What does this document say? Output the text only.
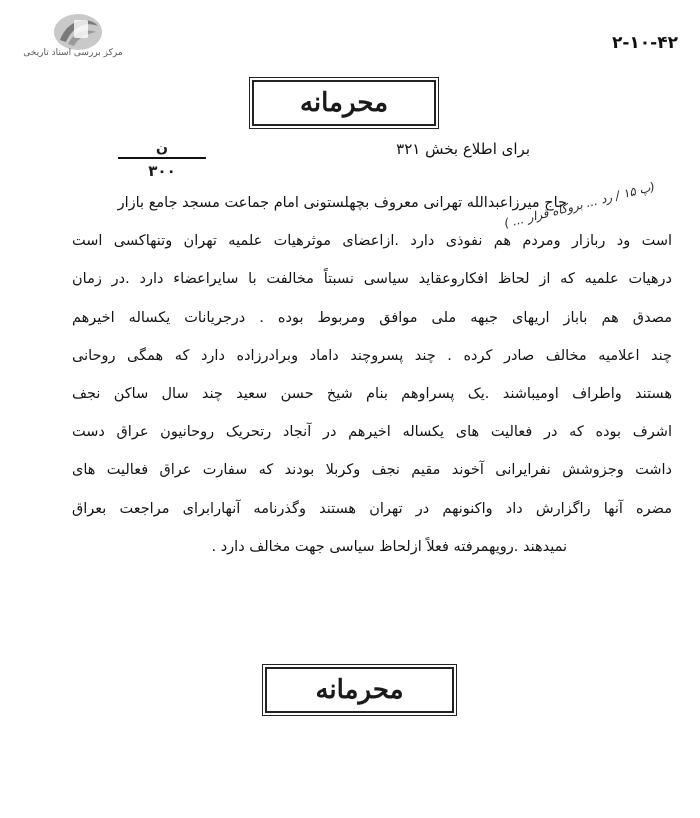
مرکز بررسی اسناد تاریخی	۲-۱۰-۴۲
محرمانه
برای اطلاع بخش ۳۲۱
ن
۳۰۰
(پ ۱۵ / رد ... بروکاه قرار ... )
حاج میرزاعبدالله تهرانی معروف بچهلستونی امام جماعت مسجد جامع بازار
است ود ربازار ومردم هم نفوذی دارد .ازاعضای موثرهیات علمیه تهران وتنهاکسی است
درهیات علمیه که از لحاظ افکاروعقاید سیاسی نسبتاً مخالفت با سایراعضاء دارد .در زمان
مصدق هم باباز اریهای جبهه ملی موافق ومربوط بوده . درجریانات یکساله اخیرهم
چند اعلامیه مخالف صادر کرده . چند پسروچند داماد وبرادرزاده دارد که همگی روحانی
هستند واطراف اومیباشند .یک پسراوهم بنام شیخ حسن سعید چند سال ساکن نجف
اشرف بوده که در فعالیت های یکساله اخیرهم در آنجاد رتحریک روحانیون عراق دست
داشت وجزوشش نفرایرانی آخوند مقیم نجف وکربلا بودند که سفارت عراق فعالیت های
مضره آنها راگزارش داد واکنونهم در تهران هستند وگذرنامه آنهارابرای مراجعت بعراق
نمیدهند .رویهمرفته فعلاً ازلحاظ سیاسی جهت مخالف دارد .
محرمانه
